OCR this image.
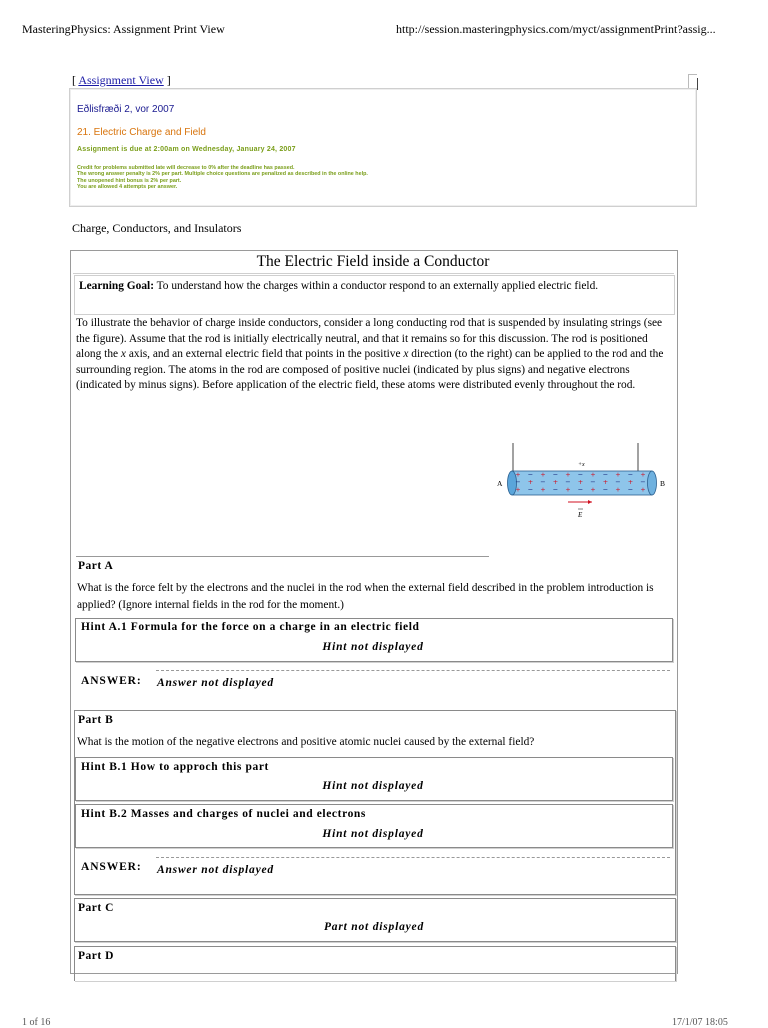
MasteringPhysics: Assignment Print View	http://session.masteringphysics.com/myct/assignmentPrint?assig...
[ Assignment View ]
Eðlisfræði 2, vor 2007
21. Electric Charge and Field
Assignment is due at 2:00am on Wednesday, January 24, 2007
Credit for problems submitted late will decrease to 0% after the deadline has passed.
The wrong answer penalty is 2% per part. Multiple choice questions are penalized as described in the online help.
The unopened hint bonus is 2% per part.
You are allowed 4 attempts per answer.
Charge, Conductors, and Insulators
The Electric Field inside a Conductor
Learning Goal: To understand how the charges within a conductor respond to an externally applied electric field.
To illustrate the behavior of charge inside conductors, consider a long conducting rod that is suspended by insulating strings (see the figure). Assume that the rod is initially electrically neutral, and that it remains so for this discussion. The rod is positioned along the x axis, and an external electric field that points in the positive x direction (to the right) can be applied to the rod and the surrounding region. The atoms in the rod are composed of positive nuclei (indicated by plus signs) and negative electrons (indicated by minus signs). Before application of the electric field, these atoms were distributed evenly throughout the rod.
+x
+ − + − + − + − + − +
− + − + − + − + − + −
+ − + − + − + − + − +
A	B
E
Part A
What is the force felt by the electrons and the nuclei in the rod when the external field described in the problem introduction is applied? (Ignore internal fields in the rod for the moment.)
Hint A.1 Formula for the force on a charge in an electric field
Hint not displayed
ANSWER: Answer not displayed
Part B
What is the motion of the negative electrons and positive atomic nuclei caused by the external field?
Hint B.1 How to approch this part
Hint not displayed
Hint B.2 Masses and charges of nuclei and electrons
Hint not displayed
ANSWER: Answer not displayed
Part C
Part not displayed
Part D
1 of 16	17/1/07 18:05
